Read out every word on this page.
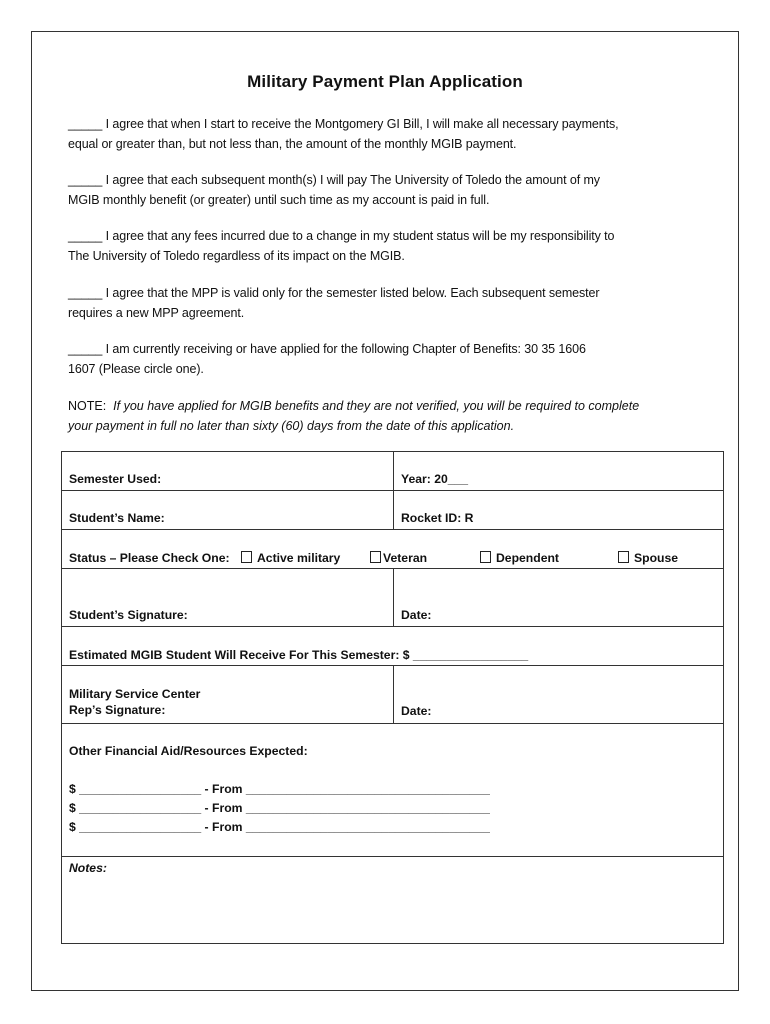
Military Payment Plan Application
_____ I agree that when I start to receive the Montgomery GI Bill, I will make all necessary payments,
equal or greater than, but not less than, the amount of the monthly MGIB payment.
_____ I agree that each subsequent month(s) I will pay The University of Toledo the amount of my
MGIB monthly benefit (or greater) until such time as my account is paid in full.
_____ I agree that any fees incurred due to a change in my student status will be my responsibility to
The University of Toledo regardless of its impact on the MGIB.
_____ I agree that the MPP is valid only for the semester listed below. Each subsequent semester
requires a new MPP agreement.
_____ I am currently receiving or have applied for the following Chapter of Benefits: 30 35 1606
1607 (Please circle one).
NOTE: If you have applied for MGIB benefits and they are not verified, you will be required to complete
your payment in full no later than sixty (60) days from the date of this application.
Semester Used:	Year: 20___
Student’s Name:	Rocket ID: R
Status – Please Check One:	Active military	Veteran	Dependent	Spouse
Student’s Signature:	Date:
Estimated MGIB Student Will Receive For This Semester: $ _________________
Military Service Center
Rep’s Signature:	Date:
Other Financial Aid/Resources Expected:
$ __________________ - From ____________________________________
$ __________________ - From ____________________________________
$ __________________ - From ____________________________________
Notes:
